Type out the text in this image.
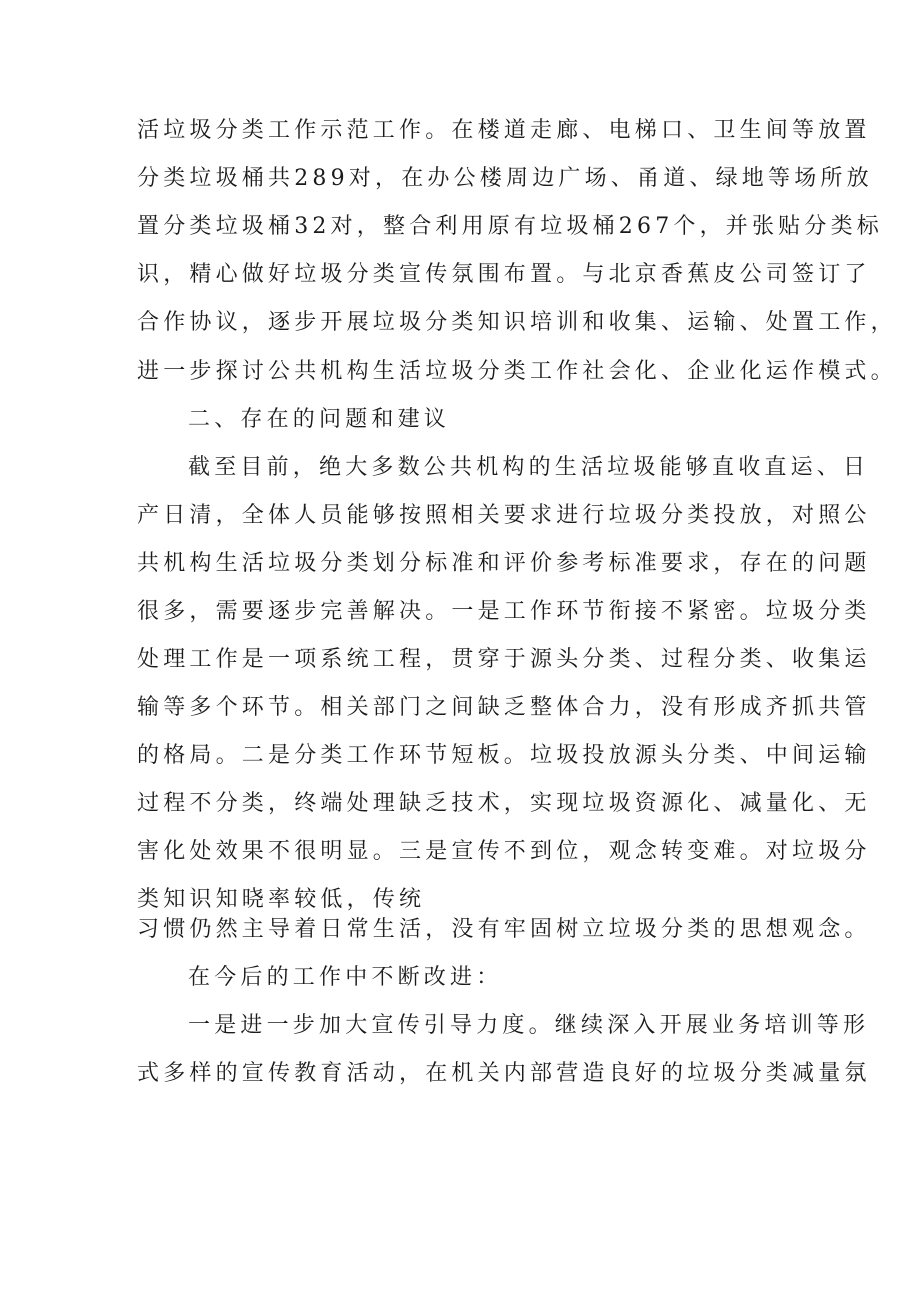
活垃圾分类工作示范工作。在楼道走廊、电梯口、卫生间等放置
分类垃圾桶共289对，在办公楼周边广场、甬道、绿地等场所放
置分类垃圾桶32对，整合利用原有垃圾桶267个，并张贴分类标
识，精心做好垃圾分类宣传氛围布置。与北京香蕉皮公司签订了
合作协议，逐步开展垃圾分类知识培训和收集、运输、处置工作，
进一步探讨公共机构生活垃圾分类工作社会化、企业化运作模式。
二、存在的问题和建议
截至目前，绝大多数公共机构的生活垃圾能够直收直运、日
产日清，全体人员能够按照相关要求进行垃圾分类投放，对照公
共机构生活垃圾分类划分标准和评价参考标准要求，存在的问题
很多，需要逐步完善解决。一是工作环节衔接不紧密。垃圾分类
处理工作是一项系统工程，贯穿于源头分类、过程分类、收集运
输等多个环节。相关部门之间缺乏整体合力，没有形成齐抓共管
的格局。二是分类工作环节短板。垃圾投放源头分类、中间运输
过程不分类，终端处理缺乏技术，实现垃圾资源化、减量化、无
害化处效果不很明显。三是宣传不到位，观念转变难。对垃圾分
类知识知晓率较低，传统
习惯仍然主导着日常生活，没有牢固树立垃圾分类的思想观念。
在今后的工作中不断改进：
一是进一步加大宣传引导力度。继续深入开展业务培训等形
式多样的宣传教育活动，在机关内部营造良好的垃圾分类减量氛
